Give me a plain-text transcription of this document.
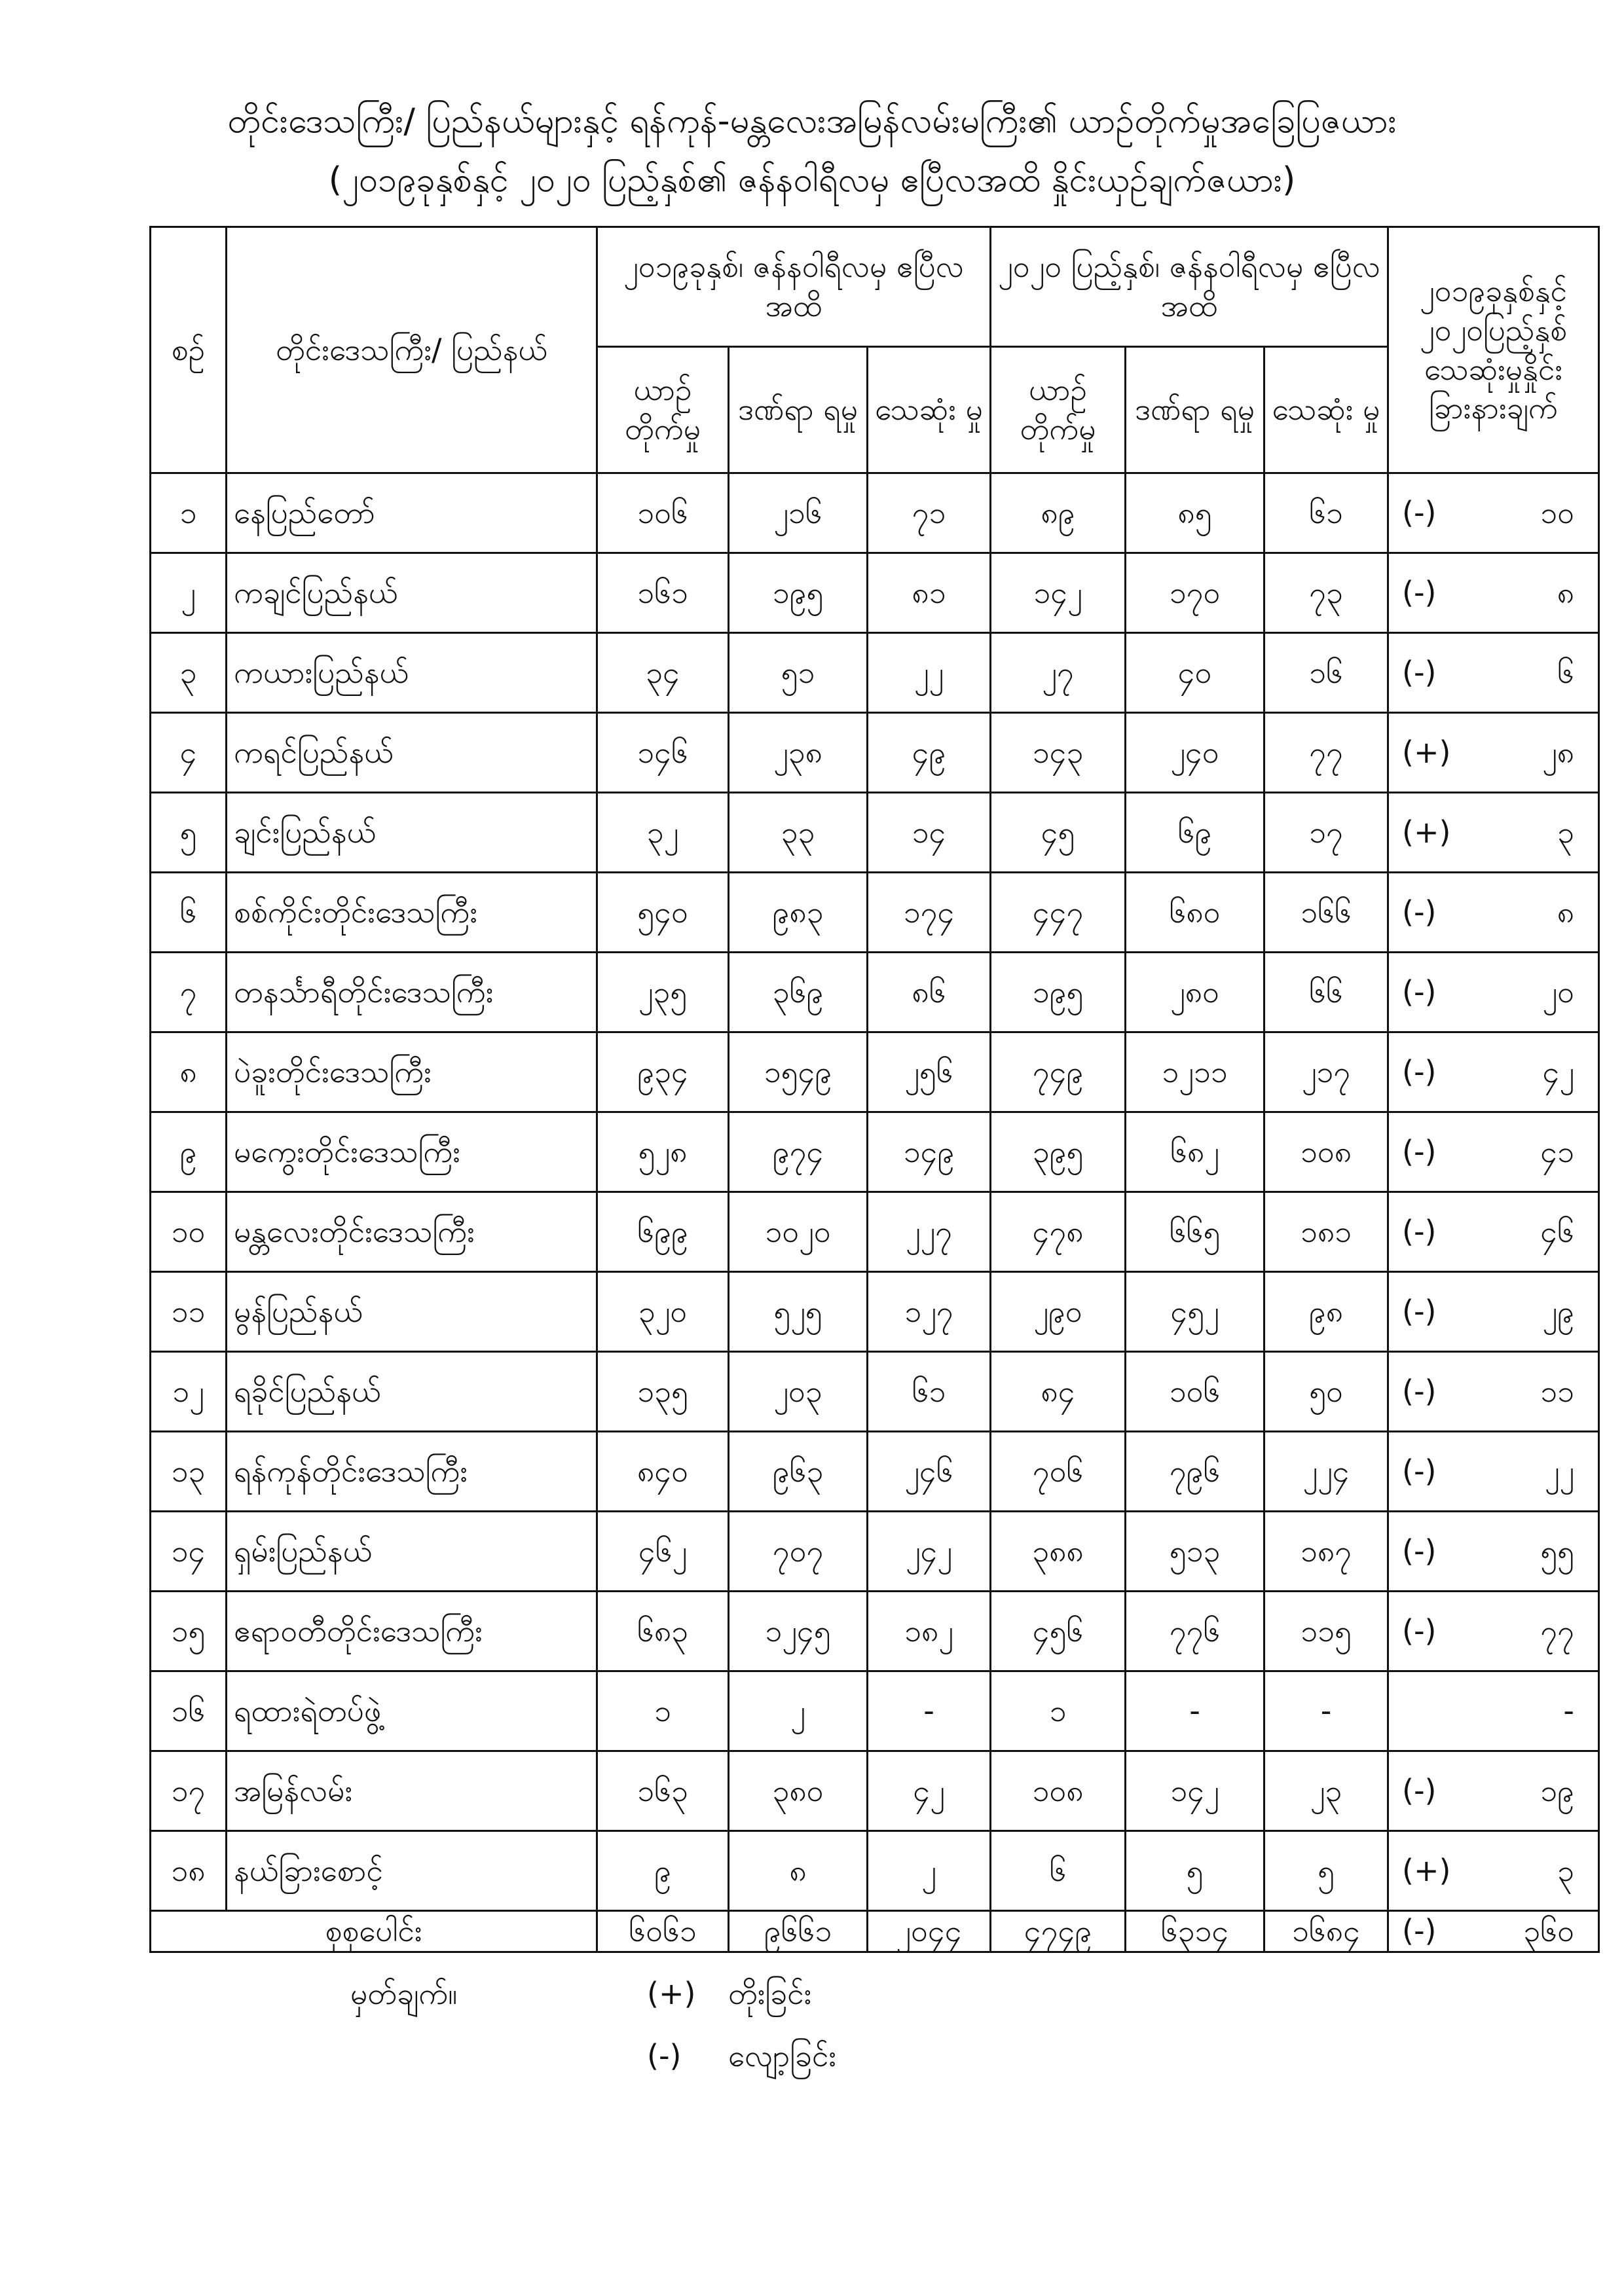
တိုင်းဒေသကြီး/ ပြည်နယ်များနှင့် ရန်ကုန်-မန္တလေးအမြန်လမ်းမကြီး၏ ယာဉ်တိုက်မှုအခြေပြဇယား
(၂၀၁၉ခုနှစ်နှင့် ၂၀၂၀ ပြည့်နှစ်၏ ဇန်နဝါရီလမှ ဧပြီလအထိ နှိုင်းယှဉ်ချက်ဇယား)
စဉ်	တိုင်းဒေသကြီး/ ပြည်နယ်	၂၀၁၉ခုနှစ်၊ ဇန်နဝါရီလမှ ဧပြီလအထိ			၂၀၂၀ ပြည့်နှစ်၊ ဇန်နဝါရီလမှ ဧပြီလအထိ			၂၀၁၉ခုနှစ်နှင့် ၂၀၂၀ပြည့်နှစ် သေဆုံးမှုနှိုင်း ခြားနားချက်
		ယာဉ် တိုက်မှု	ဒဏ်ရာ ရမှု	သေဆုံး မှု	ယာဉ် တိုက်မှု	ဒဏ်ရာ ရမှု	သေဆုံး မှု	
၁	နေပြည်တော်	၁၀၆	၂၁၆	၇၁	၈၉	၈၅	၆၁	(-) ၁၀

၂	ကချင်ပြည်နယ်	၁၆၁	၁၉၅	၈၁	၁၄၂	၁၇၀	၇၃	(-) ၈

၃	ကယားပြည်နယ်	၃၄	၅၁	၂၂	၂၇	၄၀	၁၆	(-) ၆

၄	ကရင်ပြည်နယ်	၁၄၆	၂၃၈	၄၉	၁၄၃	၂၄၀	၇၇	(+) ၂၈

၅	ချင်းပြည်နယ်	၃၂	၃၃	၁၄	၄၅	၆၉	၁၇	(+) ၃

၆	စစ်ကိုင်းတိုင်းဒေသကြီး	၅၄၀	၉၈၃	၁၇၄	၄၄၇	၆၈၀	၁၆၆	(-) ၈

၇	တနင်္သာရီတိုင်းဒေသကြီး	၂၃၅	၃၆၉	၈၆	၁၉၅	၂၈၀	၆၆	(-) ၂၀

၈	ပဲခူးတိုင်းဒေသကြီး	၉၃၄	၁၅၄၉	၂၅၆	၇၄၉	၁၂၁၁	၂၁၇	(-) ၄၂

၉	မကွေးတိုင်းဒေသကြီး	၅၂၈	၉၇၄	၁၄၉	၃၉၅	၆၈၂	၁၀၈	(-) ၄၁

၁၀	မန္တလေးတိုင်းဒေသကြီး	၆၉၉	၁၀၂၀	၂၂၇	၄၇၈	၆၆၅	၁၈၁	(-) ၄၆

၁၁	မွန်ပြည်နယ်	၃၂၀	၅၂၅	၁၂၇	၂၉၀	၄၅၂	၉၈	(-) ၂၉

၁၂	ရခိုင်ပြည်နယ်	၁၃၅	၂၀၃	၆၁	၈၄	၁၀၆	၅၀	(-) ၁၁

၁၃	ရန်ကုန်တိုင်းဒေသကြီး	၈၄၀	၉၆၃	၂၄၆	၇၀၆	၇၉၆	၂၂၄	(-) ၂၂

၁၄	ရှမ်းပြည်နယ်	၄၆၂	၇၀၇	၂၄၂	၃၈၈	၅၁၃	၁၈၇	(-) ၅၅

၁၅	ဧရာဝတီတိုင်းဒေသကြီး	၆၈၃	၁၂၄၅	၁၈၂	၄၅၆	၇၇၆	၁၁၅	(-) ၇၇

၁၆	ရထားရဲတပ်ဖွဲ့	၁	၂	-	၁	-	-	-

၁၇	အမြန်လမ်း	၁၆၃	၃၈၀	၄၂	၁၀၈	၁၄၂	၂၃	(-) ၁၉

၁၈	နယ်ခြားစောင့်	၉	၈	၂	၆	၅	၅	(+) ၃

စုစုပေါင်း		၆၀၆၁	၉၆၆၁	၂၀၄၄	၄၇၄၉	၆၃၁၄	၁၆၈၄	(-) ၃၆၀
မှတ်ချက်။	(+) တိုးခြင်း
(-) လျော့ခြင်း
